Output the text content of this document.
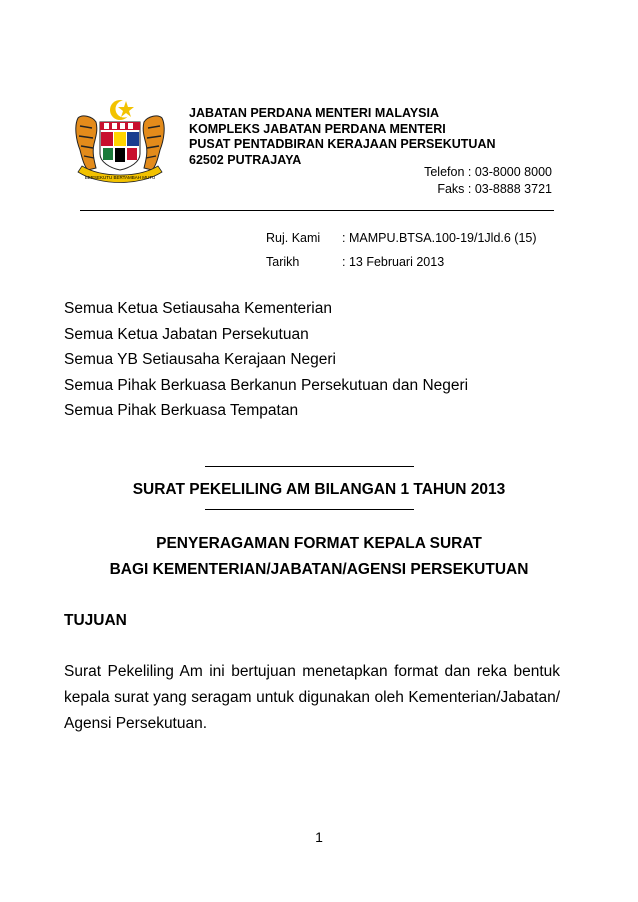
BERSEKUTU BERTAMBAH MUTU
JABATAN PERDANA MENTERI MALAYSIA
KOMPLEKS JABATAN PERDANA MENTERI
PUSAT PENTADBIRAN KERAJAAN PERSEKUTUAN
62502 PUTRAJAYA
Telefon : 03-8000 8000
Faks : 03-8888 3721
Ruj. Kami : MAMPU.BTSA.100-19/1Jld.6 (15)
Tarikh	: 13 Februari 2013
Semua Ketua Setiausaha Kementerian
Semua Ketua Jabatan Persekutuan
Semua YB Setiausaha Kerajaan Negeri
Semua Pihak Berkuasa Berkanun Persekutuan dan Negeri
Semua Pihak Berkuasa Tempatan
SURAT PEKELILING AM BILANGAN 1 TAHUN 2013
PENYERAGAMAN FORMAT KEPALA SURAT
BAGI KEMENTERIAN/JABATAN/AGENSI PERSEKUTUAN
TUJUAN
Surat Pekeliling Am ini bertujuan menetapkan format dan reka bentuk
kepala surat yang seragam untuk digunakan oleh Kementerian/Jabatan/
Agensi Persekutuan.
1
